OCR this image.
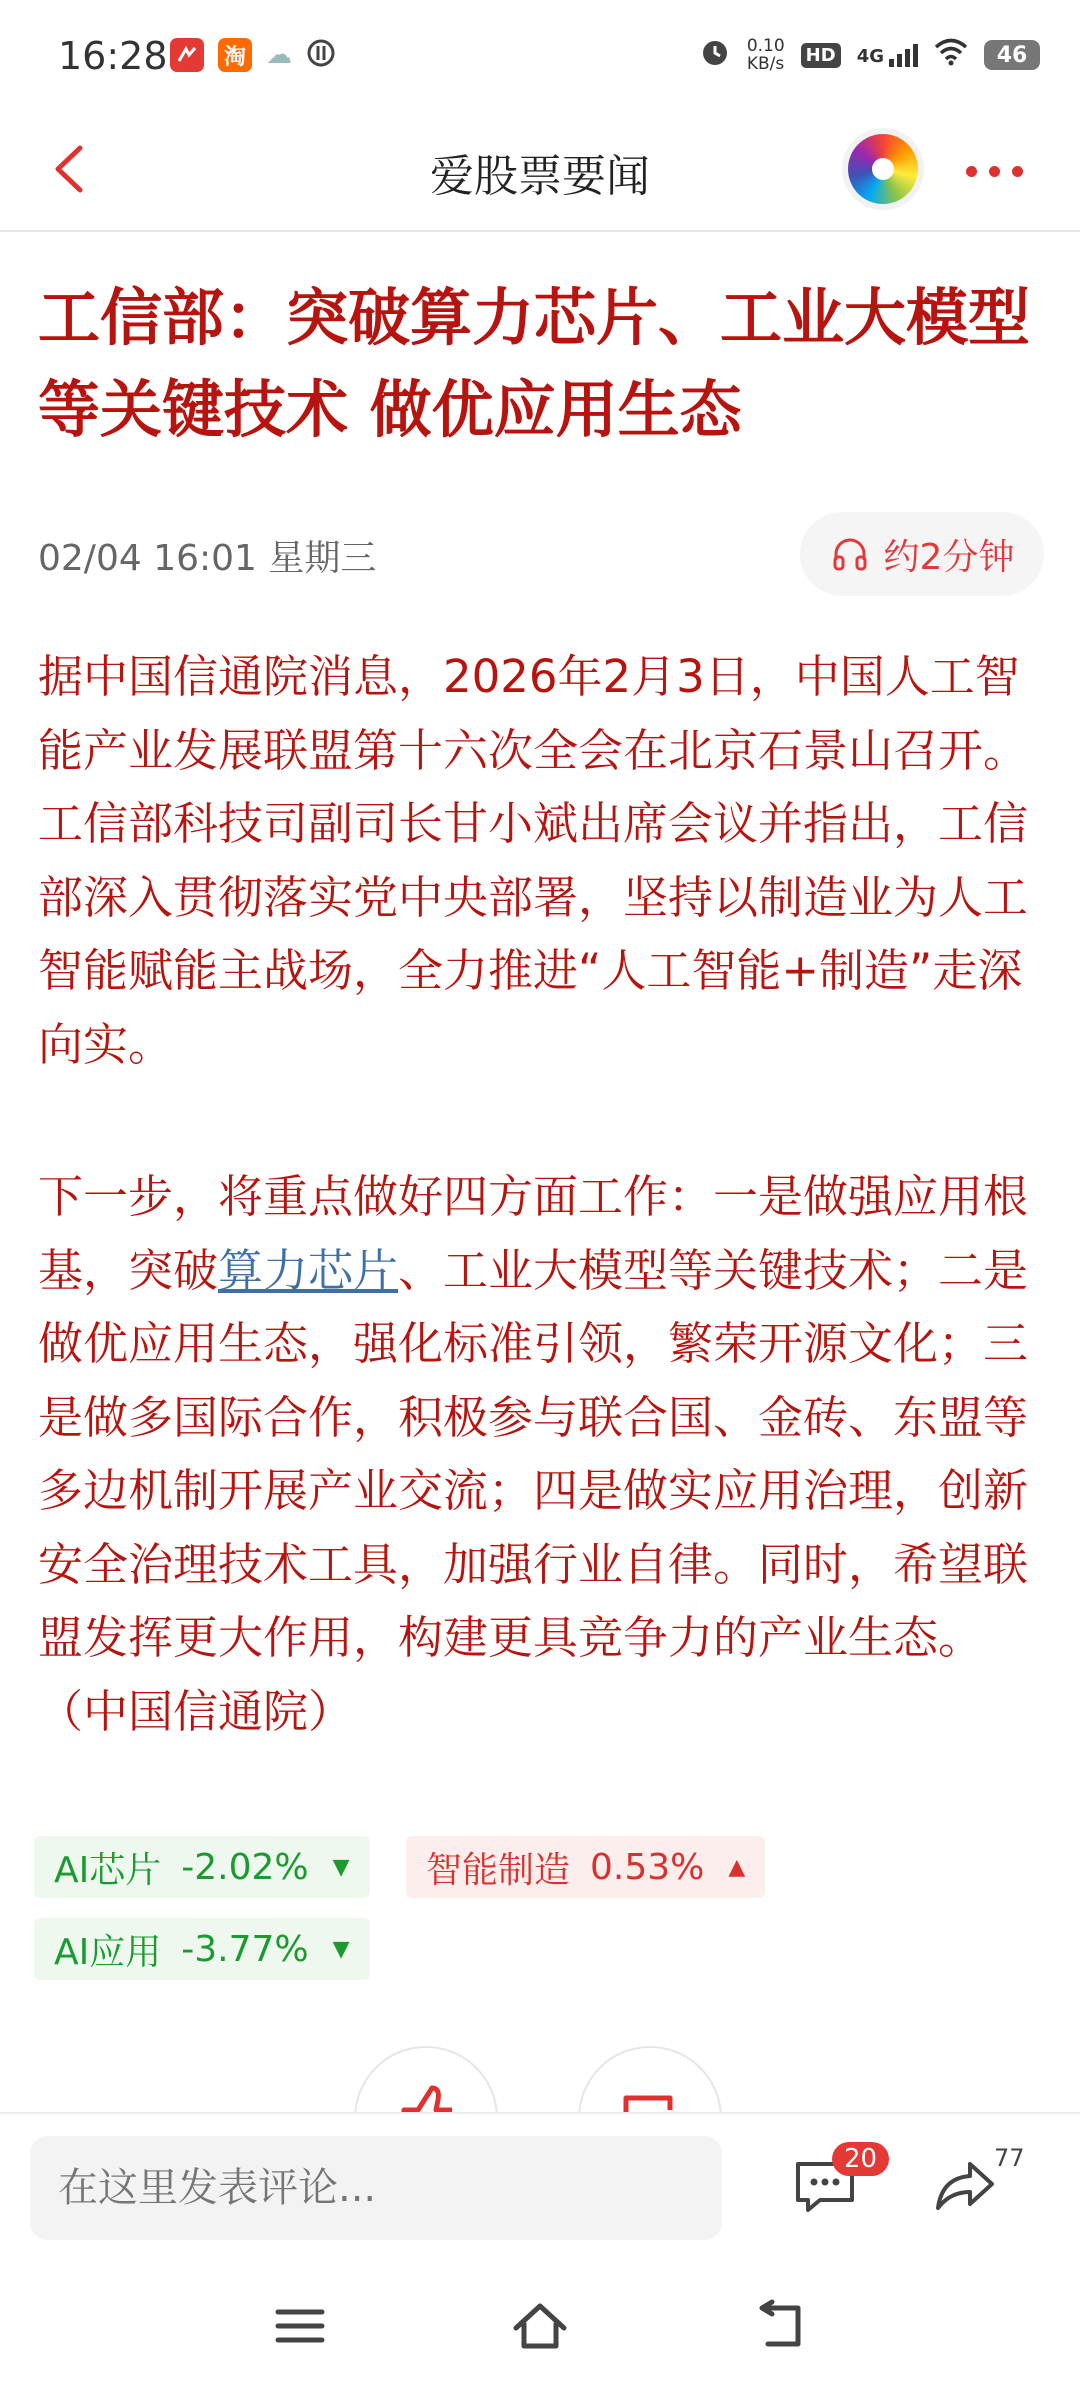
16:28	淘 ☁	0.10
KB/s HD 4G	46
爱股票要闻
工信部：突破算力芯片、工业大模型等关键技术 做优应用生态
02/04 16:01 星期三	约2分钟

据中国信通院消息，2026年2月3日，中国人工智能产业发展联盟第十六次全会在北京石景山召开。工信部科技司副司长甘小斌出席会议并指出，工信部深入贯彻落实党中央部署，坚持以制造业为人工智能赋能主战场，全力推进“人工智能+制造”走深向实。

下一步，将重点做好四方面工作：一是做强应用根基，突破算力芯片、工业大模型等关键技术；二是做优应用生态，强化标准引领，繁荣开源文化；三是做多国际合作，积极参与联合国、金砖、东盟等多边机制开展产业交流；四是做实应用治理，创新安全治理技术工具，加强行业自律。同时，希望联盟发挥更大作用，构建更具竞争力的产业生态。（中国信通院）

AI芯片 -2.02% ▼ 智能制造 0.53% ▲
AI应用 -3.77% ▼
在这里发表评论...
20	77
